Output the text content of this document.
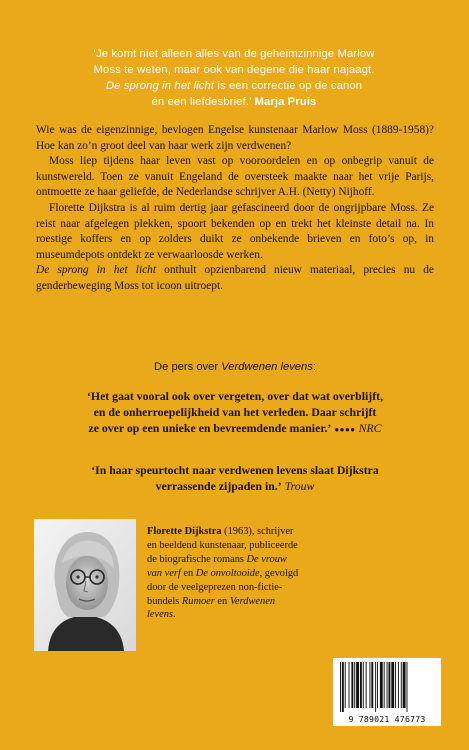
‘Je komt niet alleen alles van de geheimzinnige Marlow
Moss te weten, maar ook van degene die haar najaagt.
De sprong in het licht is een correctie op de canon
én een liefdesbrief.’ Marja Pruis

Wie was de eigenzinnige, bevlogen Engelse kunstenaar Marlow Moss (1889-1958)? Hoe kan zo’n groot deel van haar werk zijn verdwenen?

Moss liep tijdens haar leven vast op vooroordelen en op onbegrip vanuit de kunstwereld. Toen ze vanuit Engeland de oversteek maakte naar het vrije Parijs, ontmoette ze haar geliefde, de Nederlandse schrijver A.H. (Netty) Nijhoff.

Florette Dijkstra is al ruim dertig jaar gefascineerd door de ongrijpbare Moss. Ze reist naar afgelegen plekken, spoort bekenden op en trekt het kleinste detail na. In roestige koffers en op zolders duikt ze onbekende brieven en foto’s op, in museumdepots ontdekt ze verwaarloosde werken.

De sprong in het licht onthult opzienbarend nieuw materiaal, precies nu de genderbeweging Moss tot icoon uitroept.

De pers over Verdwenen levens:
‘Het gaat vooral ook over vergeten, over dat wat overblijft,
en de onherroepelijkheid van het verleden. Daar schrijft
ze over op een unieke en bevreemdende manier.’ ●●●● NRC
‘In haar speurtocht naar verdwenen levens slaat Dijkstra
verrassende zijpaden in.’ Trouw
Florette Dijkstra (1963), schrijver
en beeldend kunstenaar, publiceerde
de biografische romans De vrouw
van verf en De onvoltooide, gevolgd
door de veelgeprezen non-fictie-
bundels Rumoer en Verdwenen
levens.
9 789021 476773
